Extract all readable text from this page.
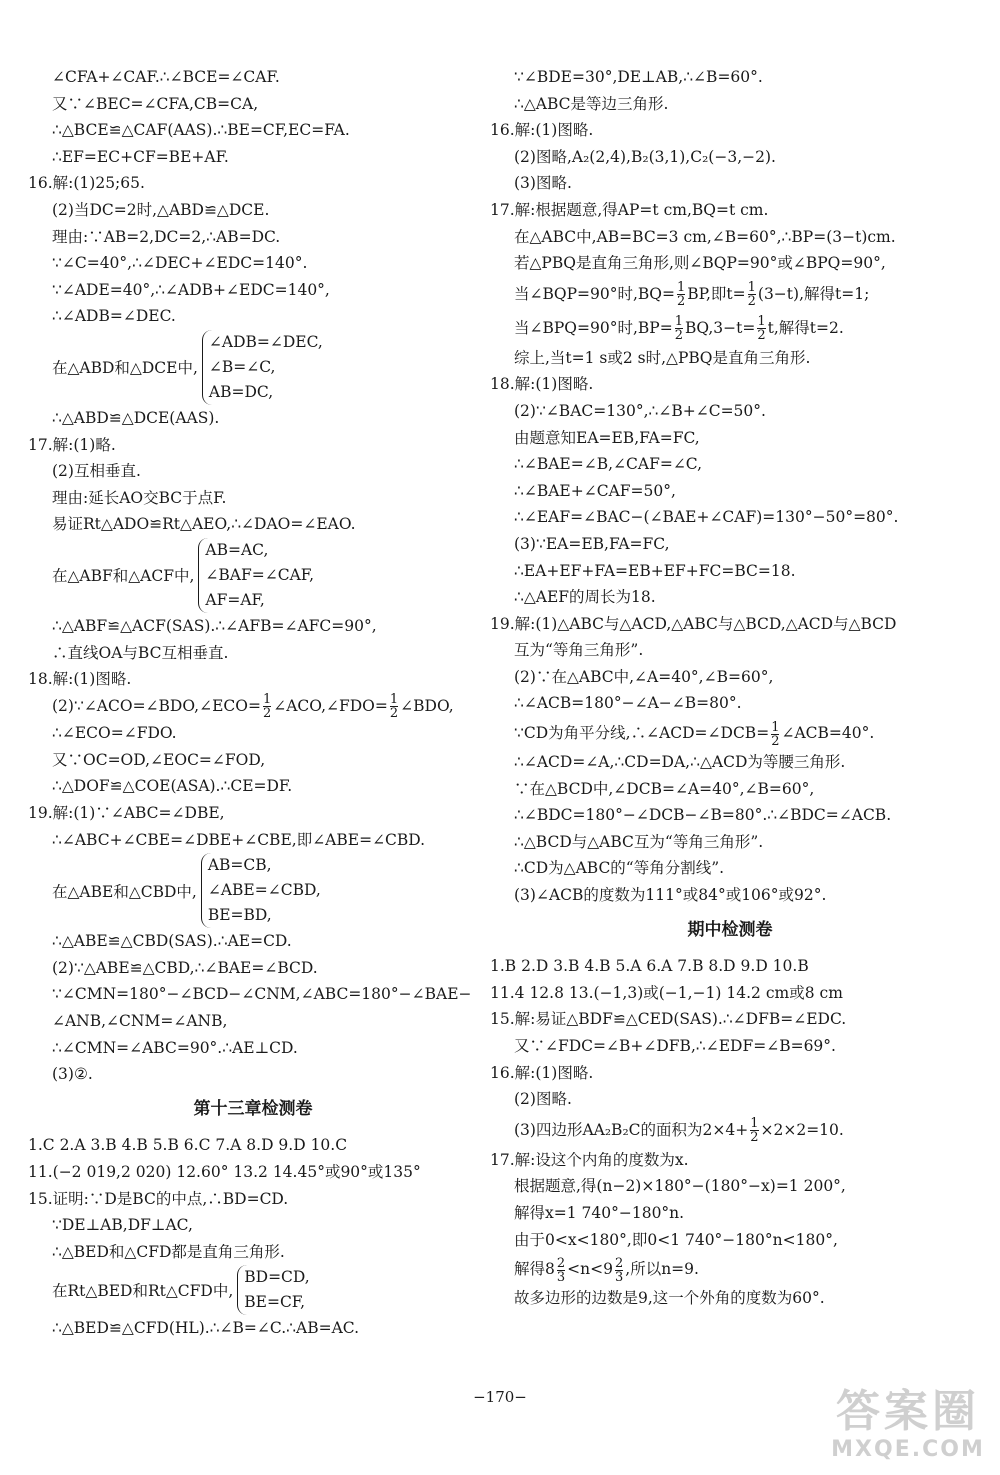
∠CFA+∠CAF.∴∠BCE=∠CAF.
又∵∠BEC=∠CFA,CB=CA,
∴△BCE≌△CAF(AAS).∴BE=CF,EC=FA.
∴EF=EC+CF=BE+AF.
16.解:(1)25;65.
(2)当DC=2时,△ABD≌△DCE.
理由:∵AB=2,DC=2,∴AB=DC.
∵∠C=40°,∴∠DEC+∠EDC=140°.
∵∠ADE=40°,∴∠ADB+∠EDC=140°,
∴∠ADB=∠DEC.
在△ABD和△DCE中,
∠ADB=∠DEC,
∠B=∠C,
AB=DC,
∴△ABD≌△DCE(AAS).
17.解:(1)略.
(2)互相垂直.
理由:延长AO交BC于点F.
易证Rt△ADO≌Rt△AEO,∴∠DAO=∠EAO.
在△ABF和△ACF中,
AB=AC,
∠BAF=∠CAF,
AF=AF,
∴△ABF≌△ACF(SAS).∴∠AFB=∠AFC=90°,
∴直线OA与BC互相垂直.
18.解:(1)图略.
(2)∵∠ACO=∠BDO,∠ECO= $\frac{1}{2}$ ∠ACO,∠FDO= $\frac{1}{2}$ ∠BDO,
∴∠ECO=∠FDO.
又∵OC=OD,∠EOC=∠FOD,
∴△DOF≌△COE(ASA).∴CE=DF.
19.解:(1)∵∠ABC=∠DBE,
∴∠ABC+∠CBE=∠DBE+∠CBE,即∠ABE=∠CBD.
在△ABE和△CBD中,
AB=CB,
∠ABE=∠CBD,
BE=BD,
∴△ABE≌△CBD(SAS).∴AE=CD.
(2)∵△ABE≌△CBD,∴∠BAE=∠BCD.
∵∠CMN=180°−∠BCD−∠CNM,∠ABC=180°−∠BAE−
∠ANB,∠CNM=∠ANB,
∴∠CMN=∠ABC=90°.∴AE⊥CD.
(3)②.
第十三章检测卷
1.C 2.A 3.B 4.B 5.B 6.C 7.A 8.D 9.D 10.C
11.(−2 019,2 020) 12.60° 13.2 14.45°或90°或135°
15.证明:∵D是BC的中点,∴BD=CD.
∵DE⊥AB,DF⊥AC,
∴△BED和△CFD都是直角三角形.
在Rt△BED和Rt△CFD中,
BD=CD,
BE=CF,
∴△BED≌△CFD(HL).∴∠B=∠C.∴AB=AC.
∵∠BDE=30°,DE⊥AB,∴∠B=60°.
∴△ABC是等边三角形.
16.解:(1)图略.
(2)图略,A₂(2,4),B₂(3,1),C₂(−3,−2).
(3)图略.
17.解:根据题意,得AP=t cm,BQ=t cm.
在△ABC中,AB=BC=3 cm,∠B=60°,∴BP=(3−t)cm.
若△PBQ是直角三角形,则∠BQP=90°或∠BPQ=90°,
当∠BQP=90°时$,BQ= \frac{1}{2}$ BP,即$t= \frac{1}{2} (3-t)$,解得t=1;
当∠BPQ=90°时$,BP= \frac{1}{2} BQ,3-t= \frac{1}{2} t$,解得t=2.
综上,当t=1 s或2 s时,△PBQ是直角三角形.
18.解:(1)图略.
(2)∵∠BAC=130°,∴∠B+∠C=50°.
由题意知EA=EB,FA=FC,
∴∠BAE=∠B,∠CAF=∠C,
∴∠BAE+∠CAF=50°,
∴∠EAF=∠BAC−(∠BAE+∠CAF)=130°−50°=80°.
(3)∵EA=EB,FA=FC,
∴EA+EF+FA=EB+EF+FC=BC=18.
∴△AEF的周长为18.
19.解:(1)△ABC与△ACD,△ABC与△BCD,△ACD与△BCD
互为“等角三角形”.
(2)∵在△ABC中,∠A=40°,∠B=60°,
∴∠ACB=180°−∠A−∠B=80°.
∵CD为角平分线,∴∠ACD=∠DCB= $\frac{1}{2}$ ∠ACB=40°.
∴∠ACD=∠A,∴CD=DA,∴△ACD为等腰三角形.
∵在△BCD中,∠DCB=∠A=40°,∠B=60°,
∴∠BDC=180°−∠DCB−∠B=80°.∴∠BDC=∠ACB.
∴△BCD与△ABC互为“等角三角形”.
∴CD为△ABC的“等角分割线”.
(3)∠ACB的度数为111°或84°或106°或92°.
期中检测卷
1.B 2.D 3.B 4.B 5.A 6.A 7.B 8.D 9.D 10.B
11.4 12.8 13.(−1,3)或(−1,−1) 14.2 cm或8 cm
15.解:易证△BDF≌△CED(SAS).∴∠DFB=∠EDC.
又∵∠FDC=∠B+∠DFB,∴∠EDF=∠B=69°.
16.解:(1)图略.
(2)图略.
(3)四边形AA₂B₂C的面积为$2\times 4+ \frac{1}{2} \times 2\times 2=10$.
17.解:设这个内角的度数为x.
根据题意,得(n−2)×180°−(180°−x)=1 200°,
解得x=1 740°−180°n.
由于0<x<180°,即0<1 740°−180°n<180°,
解得$8 \frac{2}{3} <n<9 \frac{2}{3}$ ,所以n=9.
故多边形的边数是9,这一个外角的度数为60°.
−170−	答案圈
MXQE.COM
